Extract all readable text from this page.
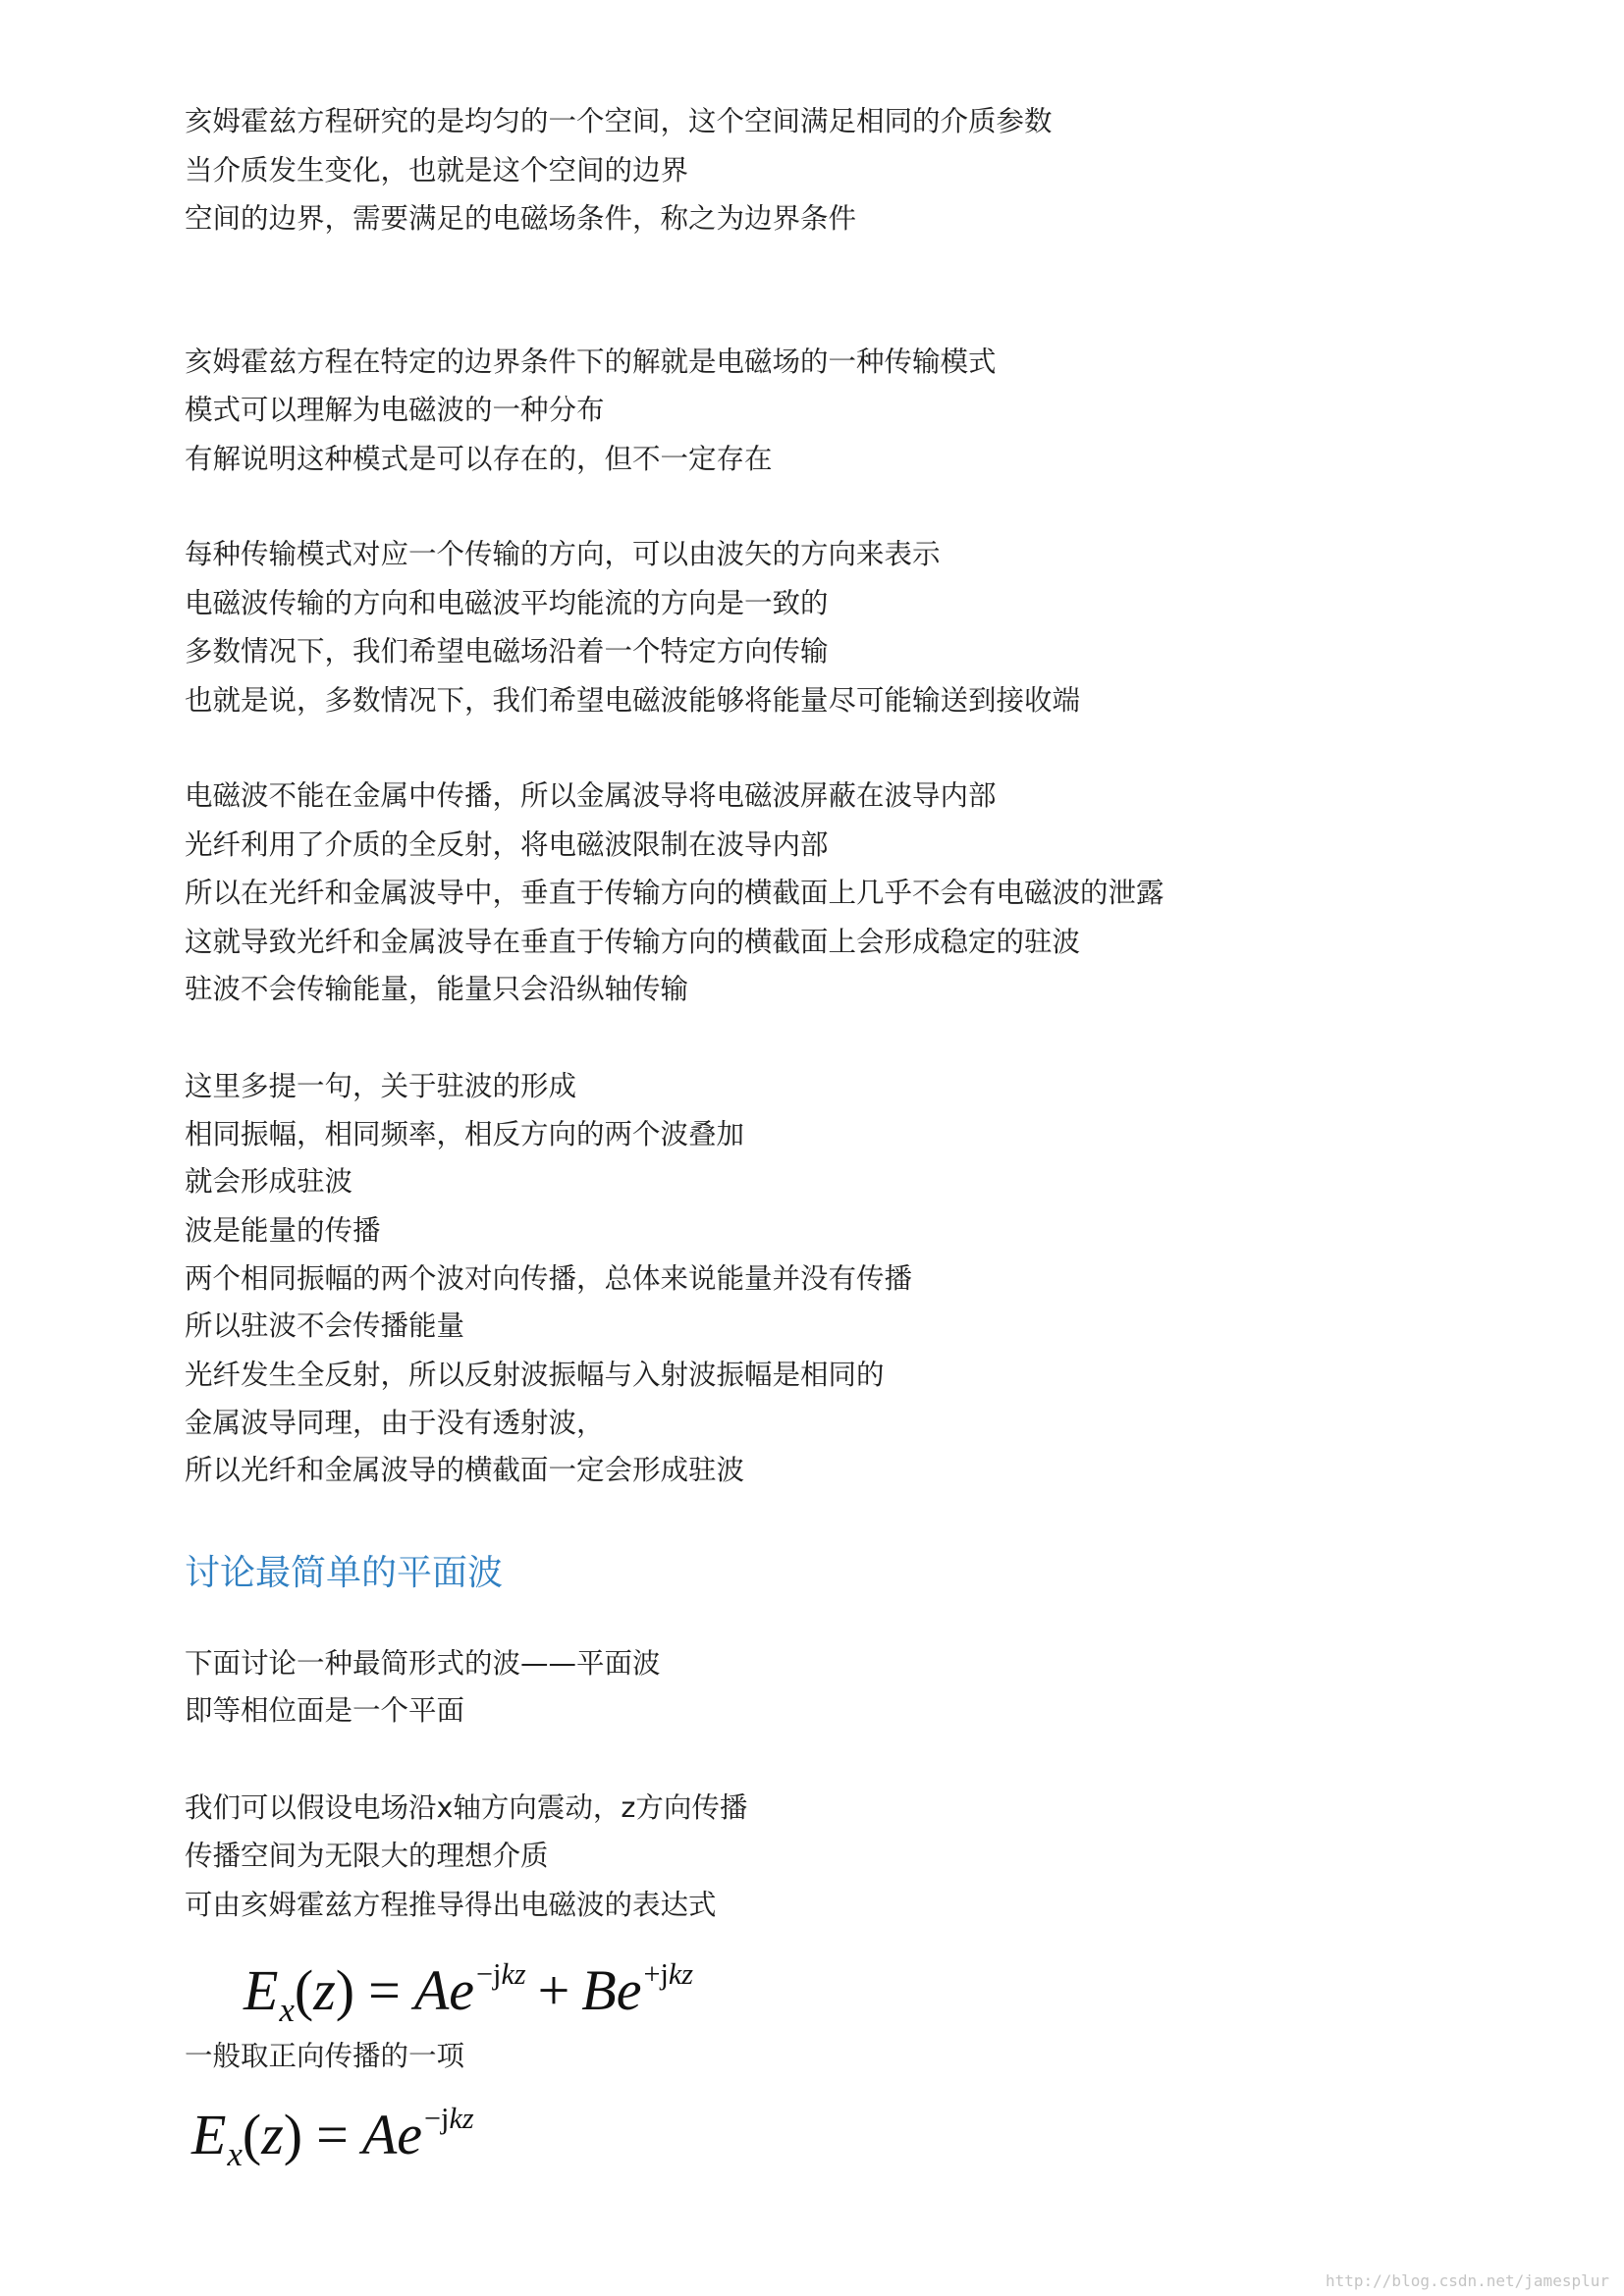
亥姆霍兹方程研究的是均匀的一个空间，这个空间满足相同的介质参数
当介质发生变化，也就是这个空间的边界
空间的边界，需要满足的电磁场条件，称之为边界条件
亥姆霍兹方程在特定的边界条件下的解就是电磁场的一种传输模式
模式可以理解为电磁波的一种分布
有解说明这种模式是可以存在的，但不一定存在
每种传输模式对应一个传输的方向，可以由波矢的方向来表示
电磁波传输的方向和电磁波平均能流的方向是一致的
多数情况下，我们希望电磁场沿着一个特定方向传输
也就是说，多数情况下，我们希望电磁波能够将能量尽可能输送到接收端
电磁波不能在金属中传播，所以金属波导将电磁波屏蔽在波导内部
光纤利用了介质的全反射，将电磁波限制在波导内部
所以在光纤和金属波导中，垂直于传输方向的横截面上几乎不会有电磁波的泄露
这就导致光纤和金属波导在垂直于传输方向的横截面上会形成稳定的驻波
驻波不会传输能量，能量只会沿纵轴传输
这里多提一句，关于驻波的形成
相同振幅，相同频率，相反方向的两个波叠加
就会形成驻波
波是能量的传播
两个相同振幅的两个波对向传播，总体来说能量并没有传播
所以驻波不会传播能量
光纤发生全反射，所以反射波振幅与入射波振幅是相同的
金属波导同理，由于没有透射波，
所以光纤和金属波导的横截面一定会形成驻波
讨论最简单的平面波
下面讨论一种最简形式的波——平面波
即等相位面是一个平面
我们可以假设电场沿x轴方向震动，z方向传播
传播空间为无限大的理想介质
可由亥姆霍兹方程推导得出电磁波的表达式
$E_x(z) = Ae^{-jkz} + Be^{+jkz}$
一般取正向传播的一项
$E_x(z) = Ae^{-jkz}$
http://blog.csdn.net/jamesplur
